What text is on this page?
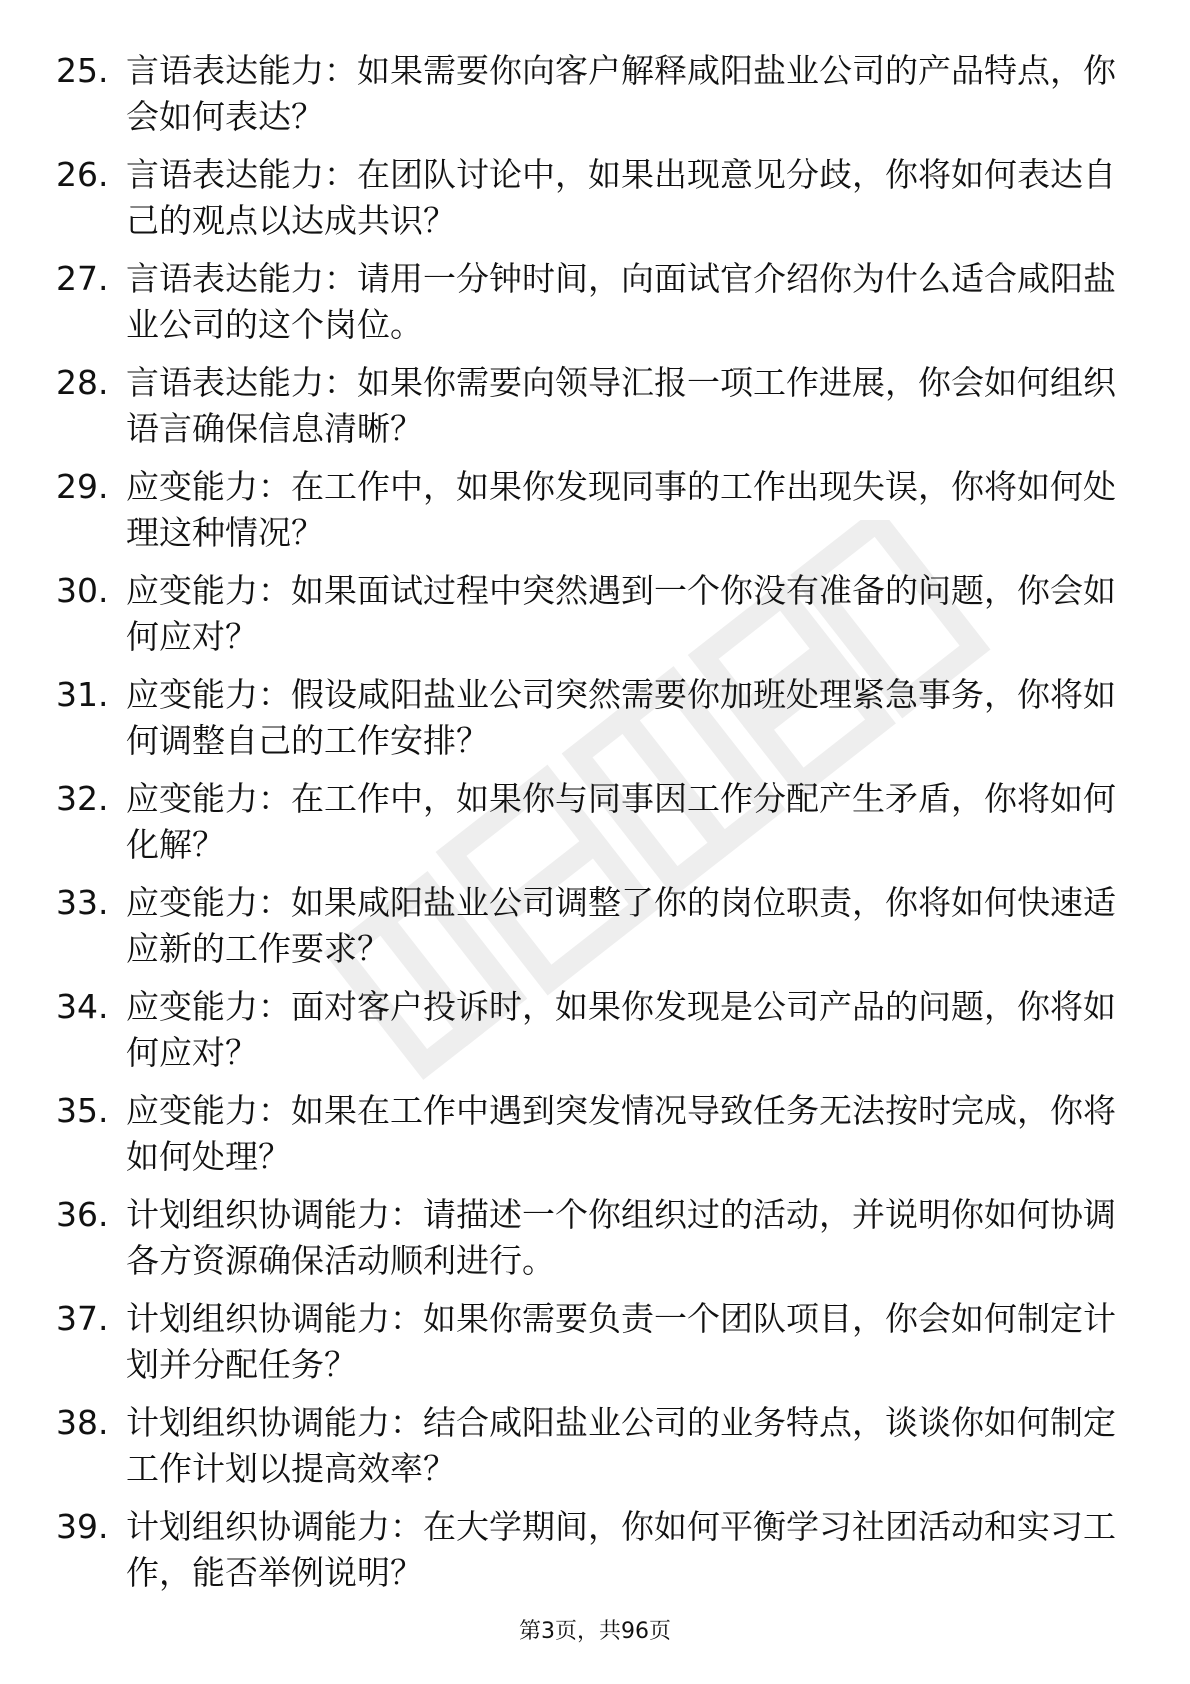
25. 言语表达能力：如果需要你向客户解释咸阳盐业公司的产品特点，你会如何表达？
26. 言语表达能力：在团队讨论中，如果出现意见分歧，你将如何表达自己的观点以达成共识？
27. 言语表达能力：请用一分钟时间，向面试官介绍你为什么适合咸阳盐业公司的这个岗位。
28. 言语表达能力：如果你需要向领导汇报一项工作进展，你会如何组织语言确保信息清晰？
29. 应变能力：在工作中，如果你发现同事的工作出现失误，你将如何处理这种情况？
30. 应变能力：如果面试过程中突然遇到一个你没有准备的问题，你会如何应对？
31. 应变能力：假设咸阳盐业公司突然需要你加班处理紧急事务，你将如何调整自己的工作安排？
32. 应变能力：在工作中，如果你与同事因工作分配产生矛盾，你将如何化解？
33. 应变能力：如果咸阳盐业公司调整了你的岗位职责，你将如何快速适应新的工作要求？
34. 应变能力：面对客户投诉时，如果你发现是公司产品的问题，你将如何应对？
35. 应变能力：如果在工作中遇到突发情况导致任务无法按时完成，你将如何处理？
36. 计划组织协调能力：请描述一个你组织过的活动，并说明你如何协调各方资源确保活动顺利进行。
37. 计划组织协调能力：如果你需要负责一个团队项目，你会如何制定计划并分配任务？
38. 计划组织协调能力：结合咸阳盐业公司的业务特点，谈谈你如何制定工作计划以提高效率？
39. 计划组织协调能力：在大学期间，你如何平衡学习社团活动和实习工作，能否举例说明？
第3页，共96页
